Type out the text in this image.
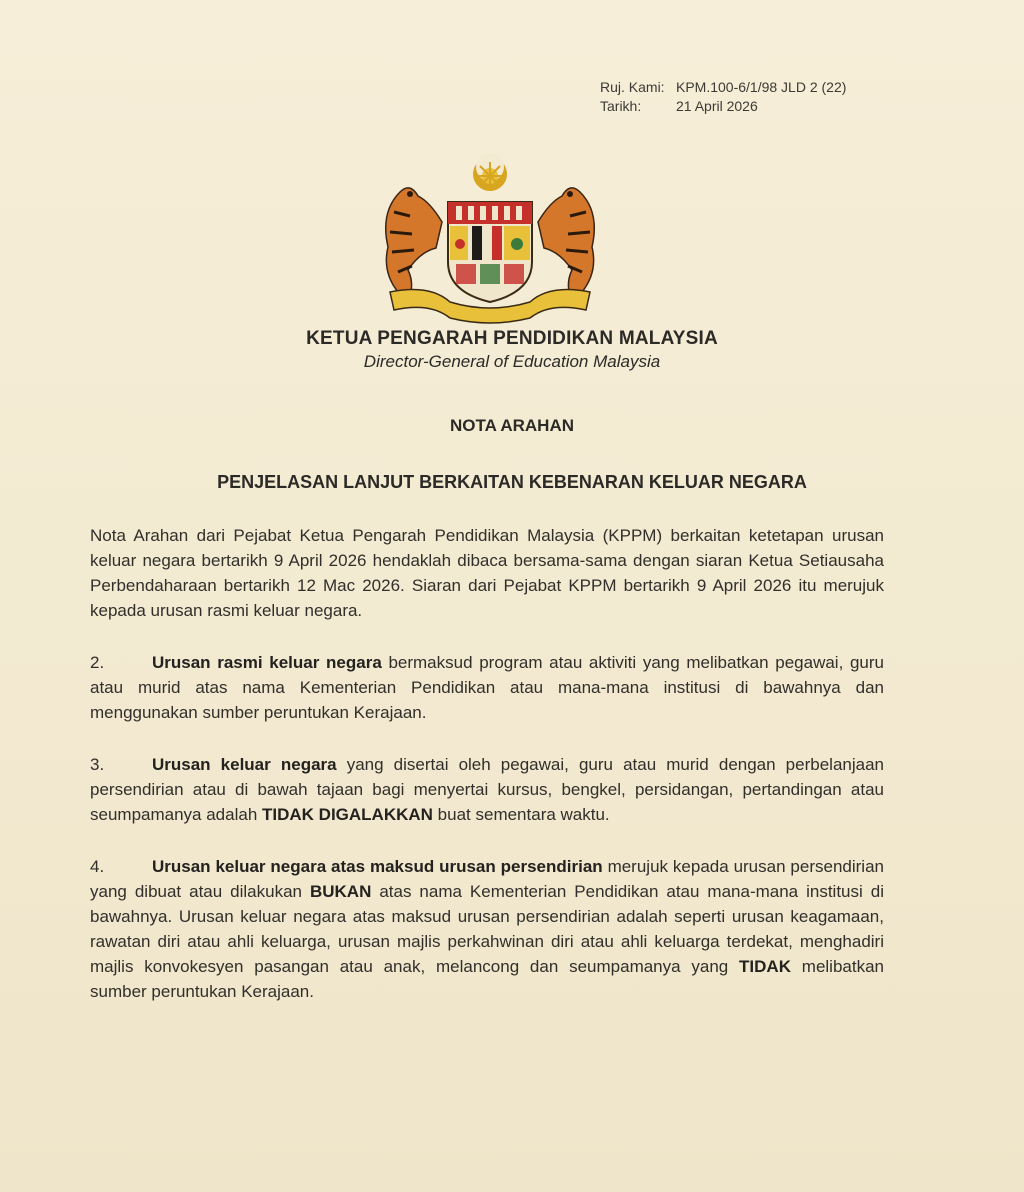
Ruj. Kami: KPM.100-6/1/98 JLD 2 (22)
Tarikh: 21 April 2026
KETUA PENGARAH PENDIDIKAN MALAYSIA
Director-General of Education Malaysia
NOTA ARAHAN
PENJELASAN LANJUT BERKAITAN KEBENARAN KELUAR NEGARA

Nota Arahan dari Pejabat Ketua Pengarah Pendidikan Malaysia (KPPM) berkaitan ketetapan urusan keluar negara bertarikh 9 April 2026 hendaklah dibaca bersama-sama dengan siaran Ketua Setiausaha Perbendaharaan bertarikh 12 Mac 2026. Siaran dari Pejabat KPPM bertarikh 9 April 2026 itu merujuk kepada urusan rasmi keluar negara.

2.	Urusan rasmi keluar negara bermaksud program atau aktiviti yang melibatkan pegawai, guru atau murid atas nama Kementerian Pendidikan atau mana-mana institusi di bawahnya dan menggunakan sumber peruntukan Kerajaan.

3.	Urusan keluar negara yang disertai oleh pegawai, guru atau murid dengan perbelanjaan persendirian atau di bawah tajaan bagi menyertai kursus, bengkel, persidangan, pertandingan atau seumpamanya adalah TIDAK DIGALAKKAN buat sementara waktu.

4.	Urusan keluar negara atas maksud urusan persendirian merujuk kepada urusan persendirian yang dibuat atau dilakukan BUKAN atas nama Kementerian Pendidikan atau mana-mana institusi di bawahnya. Urusan keluar negara atas maksud urusan persendirian adalah seperti urusan keagamaan, rawatan diri atau ahli keluarga, urusan majlis perkahwinan diri atau ahli keluarga terdekat, menghadiri majlis konvokesyen pasangan atau anak, melancong dan seumpamanya yang TIDAK melibatkan sumber peruntukan Kerajaan.
